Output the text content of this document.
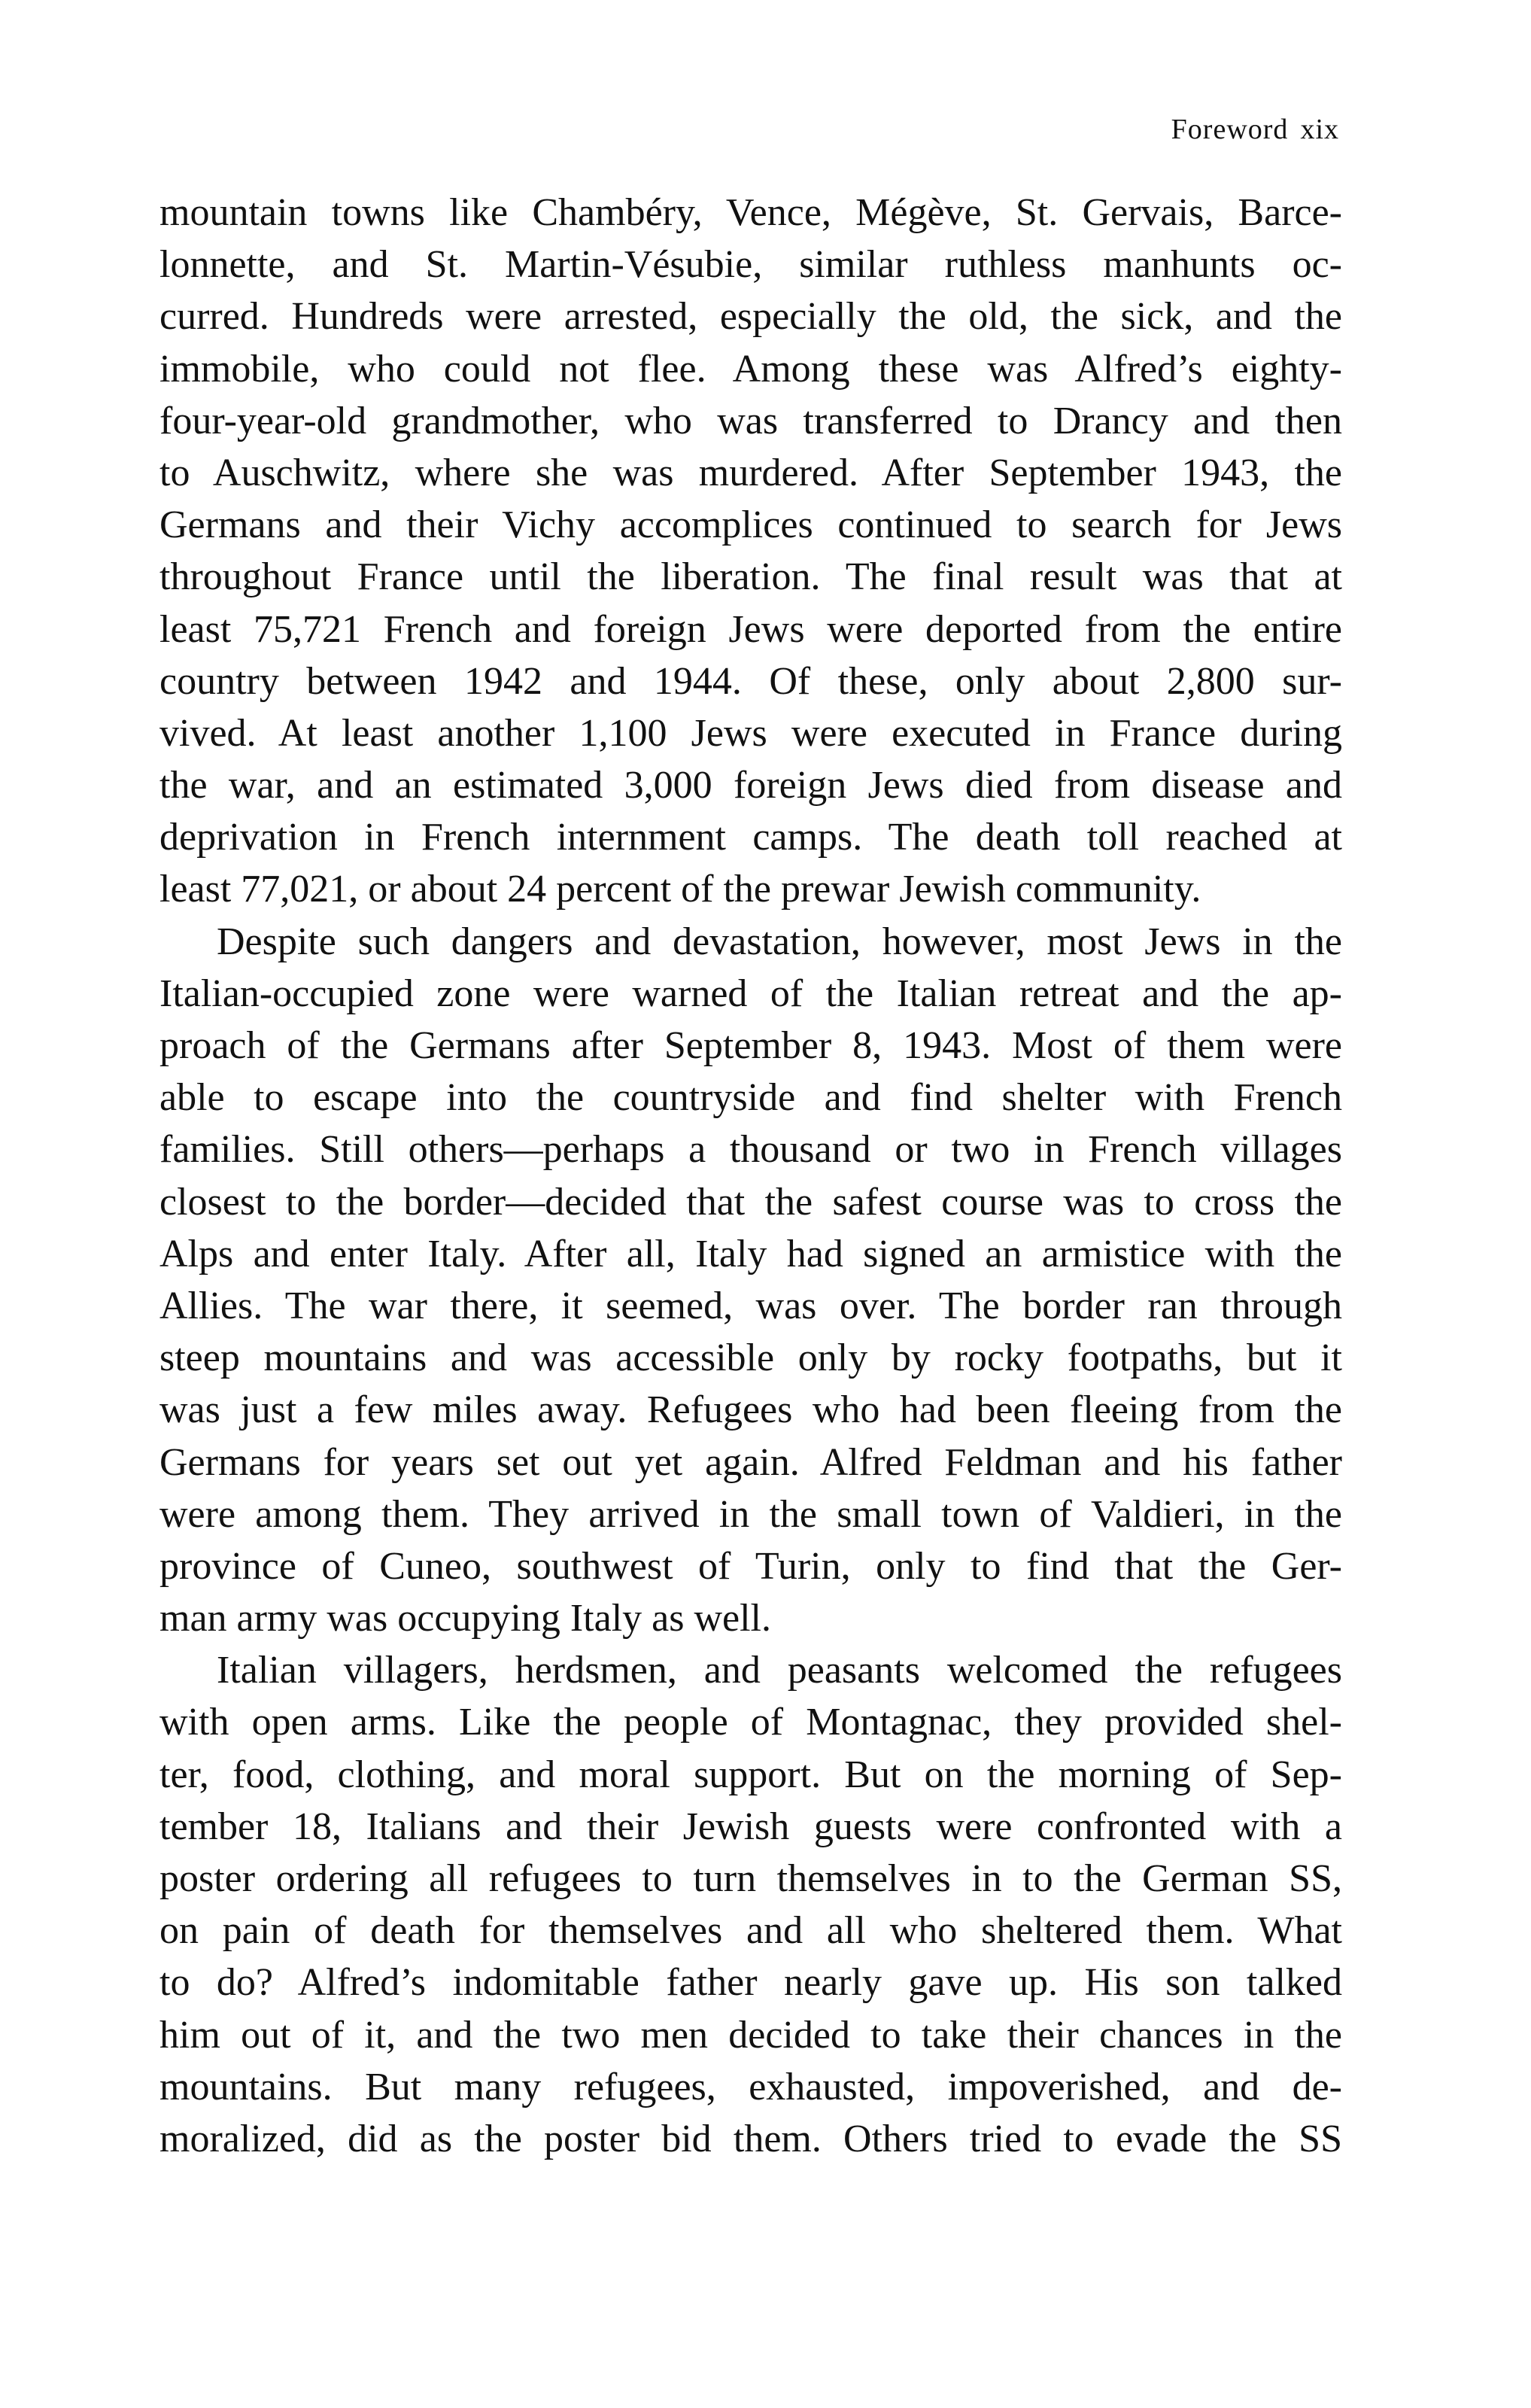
Foreword xix
mountain towns like Chambéry, Vence, Mégève, St. Gervais, Barce-
lonnette, and St. Martin-Vésubie, similar ruthless manhunts oc-
curred. Hundreds were arrested, especially the old, the sick, and the
immobile, who could not flee. Among these was Alfred’s eighty-
four-year-old grandmother, who was transferred to Drancy and then
to Auschwitz, where she was murdered. After September 1943, the
Germans and their Vichy accomplices continued to search for Jews
throughout France until the liberation. The final result was that at
least 75,721 French and foreign Jews were deported from the entire
country between 1942 and 1944. Of these, only about 2,800 sur-
vived. At least another 1,100 Jews were executed in France during
the war, and an estimated 3,000 foreign Jews died from disease and
deprivation in French internment camps. The death toll reached at
least 77,021, or about 24 percent of the prewar Jewish community.
Despite such dangers and devastation, however, most Jews in the
Italian-occupied zone were warned of the Italian retreat and the ap-
proach of the Germans after September 8, 1943. Most of them were
able to escape into the countryside and find shelter with French
families. Still others—perhaps a thousand or two in French villages
closest to the border—decided that the safest course was to cross the
Alps and enter Italy. After all, Italy had signed an armistice with the
Allies. The war there, it seemed, was over. The border ran through
steep mountains and was accessible only by rocky footpaths, but it
was just a few miles away. Refugees who had been fleeing from the
Germans for years set out yet again. Alfred Feldman and his father
were among them. They arrived in the small town of Valdieri, in the
province of Cuneo, southwest of Turin, only to find that the Ger-
man army was occupying Italy as well.
Italian villagers, herdsmen, and peasants welcomed the refugees
with open arms. Like the people of Montagnac, they provided shel-
ter, food, clothing, and moral support. But on the morning of Sep-
tember 18, Italians and their Jewish guests were confronted with a
poster ordering all refugees to turn themselves in to the German SS,
on pain of death for themselves and all who sheltered them. What
to do? Alfred’s indomitable father nearly gave up. His son talked
him out of it, and the two men decided to take their chances in the
mountains. But many refugees, exhausted, impoverished, and de-
moralized, did as the poster bid them. Others tried to evade the SS
